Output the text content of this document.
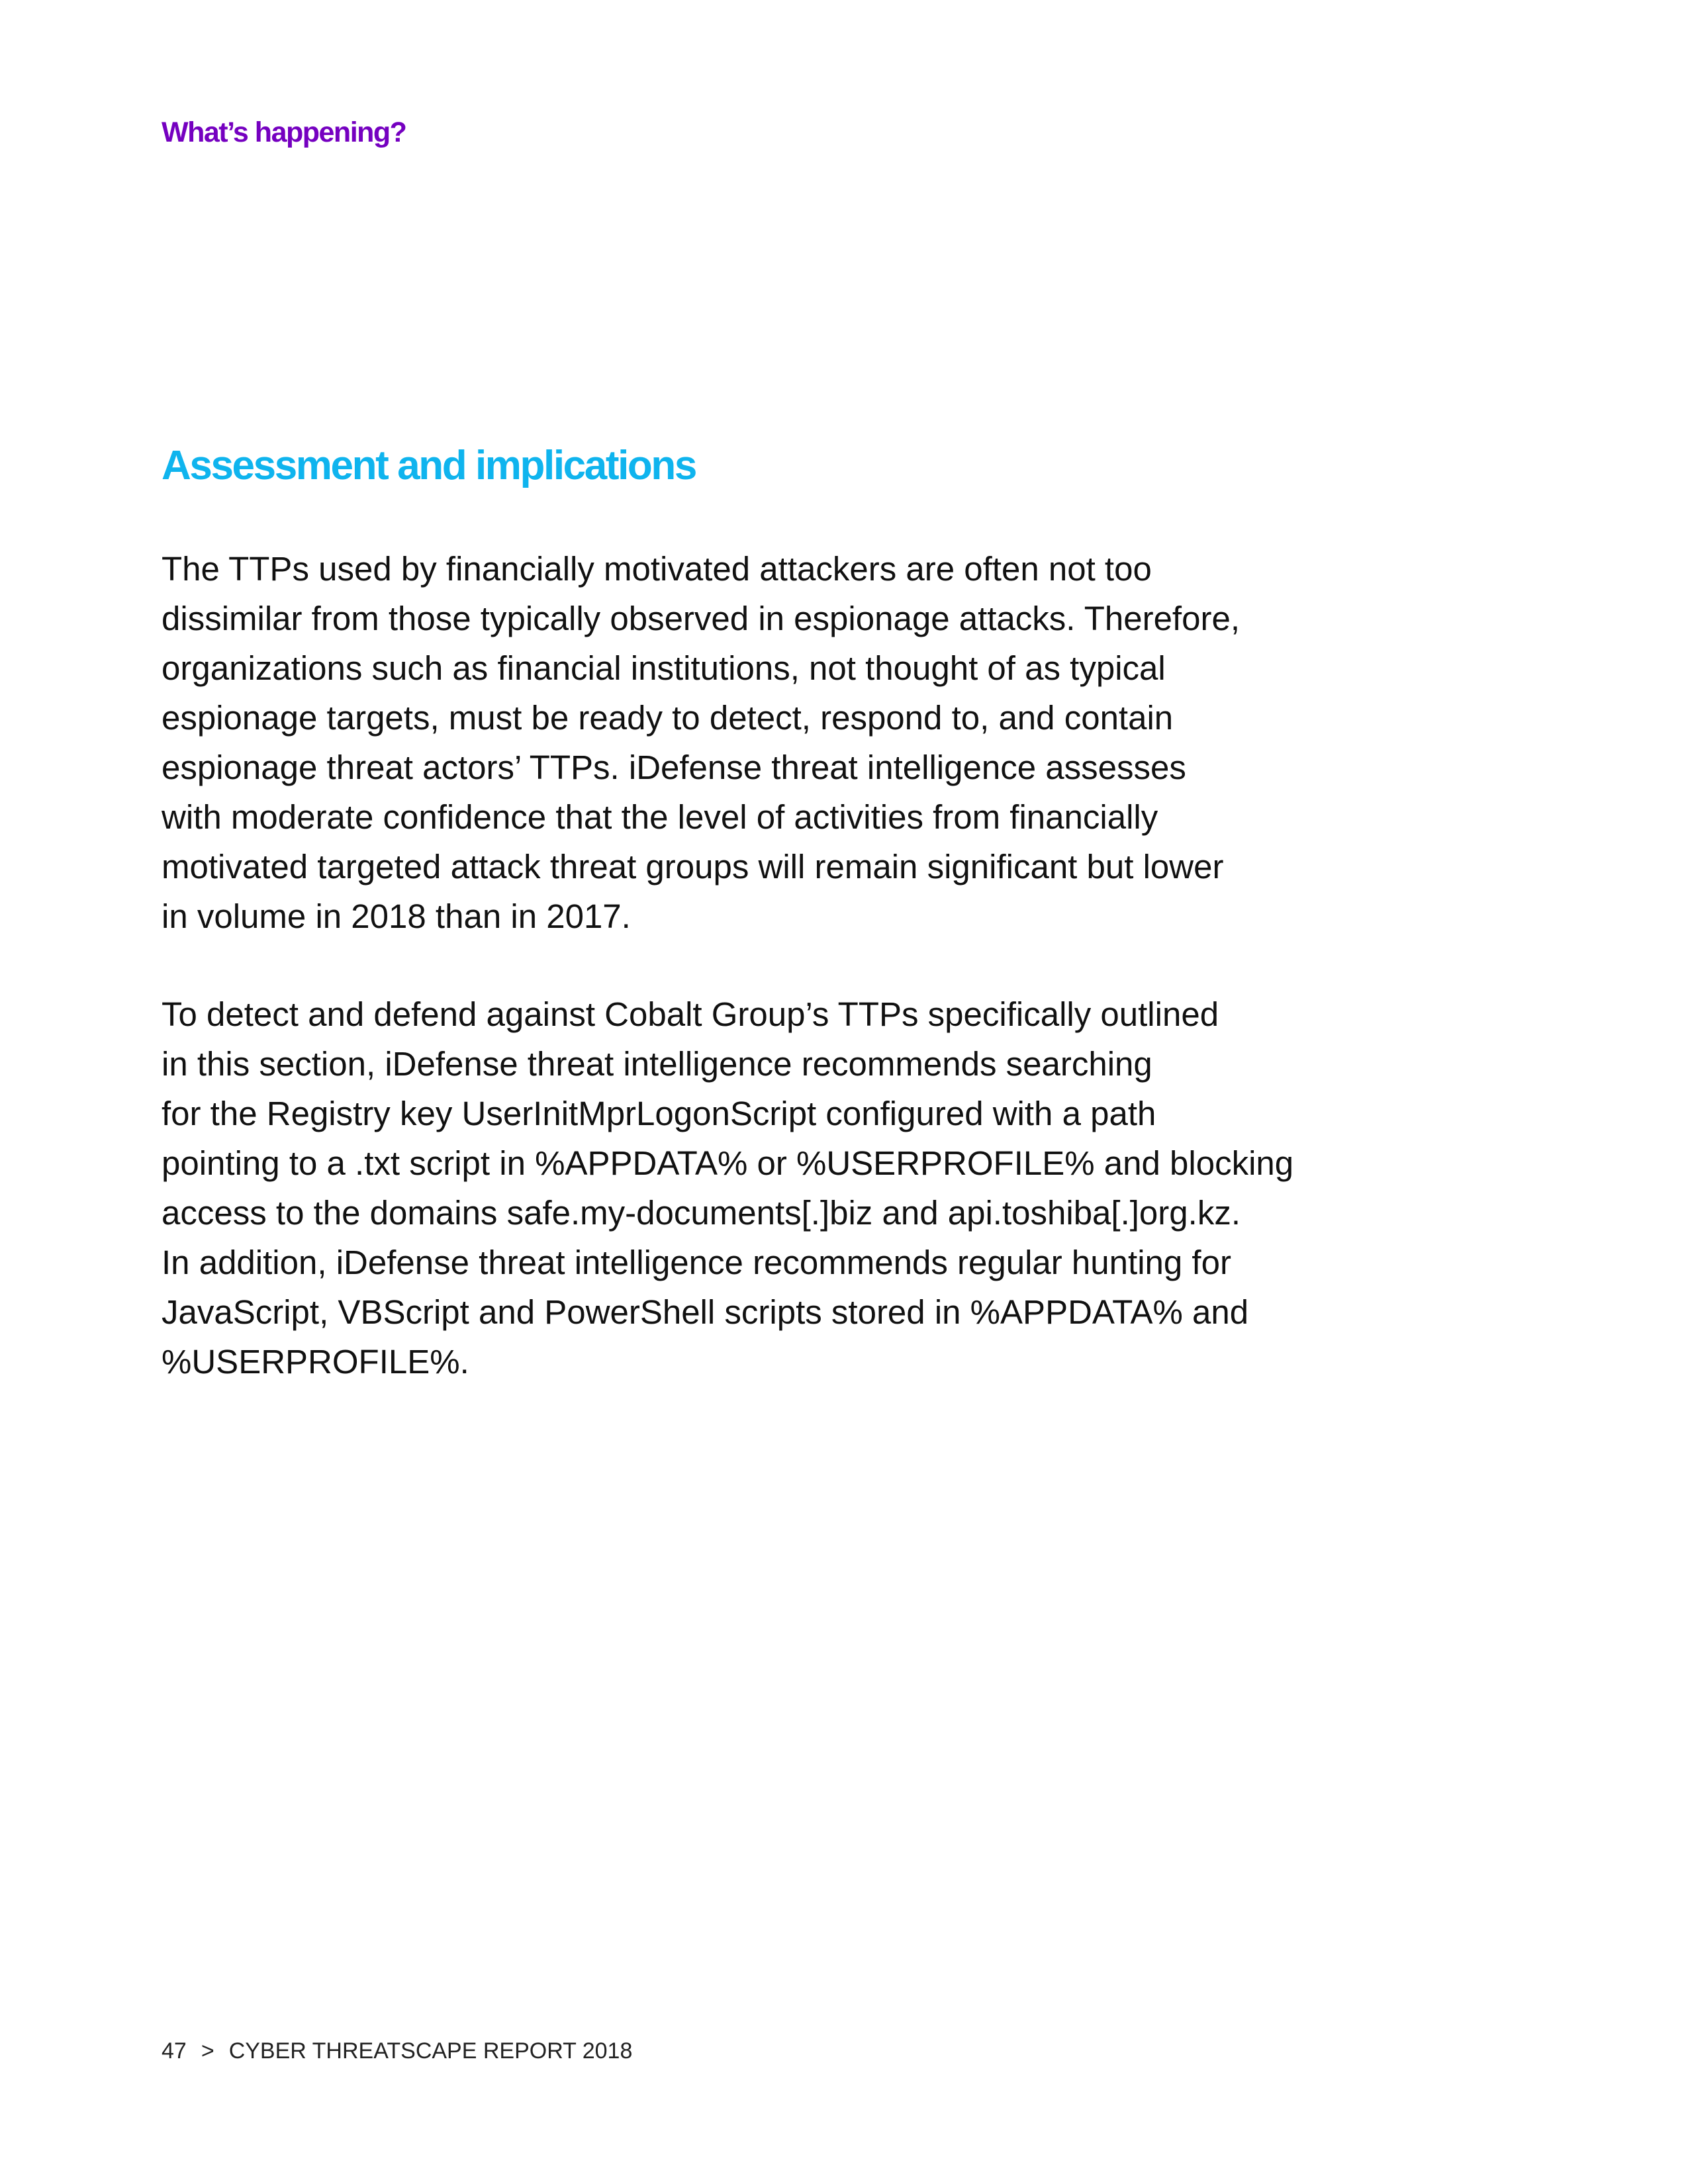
What’s happening?
Assessment and implications

The TTPs used by financially motivated attackers are often not too
dissimilar from those typically observed in espionage attacks. Therefore,
organizations such as financial institutions, not thought of as typical
espionage targets, must be ready to detect, respond to, and contain
espionage threat actors’ TTPs. iDefense threat intelligence assesses
with moderate confidence that the level of activities from financially
motivated targeted attack threat groups will remain significant but lower
in volume in 2018 than in 2017.

To detect and defend against Cobalt Group’s TTPs specifically outlined
in this section, iDefense threat intelligence recommends searching
for the Registry key UserInitMprLogonScript configured with a path
pointing to a .txt script in %APPDATA% or %USERPROFILE% and blocking
access to the domains safe.my-documents[.]biz and api.toshiba[.]org.kz.
In addition, iDefense threat intelligence recommends regular hunting for
JavaScript, VBScript and PowerShell scripts stored in %APPDATA% and
%USERPROFILE%.

47 > CYBER THREATSCAPE REPORT 2018
